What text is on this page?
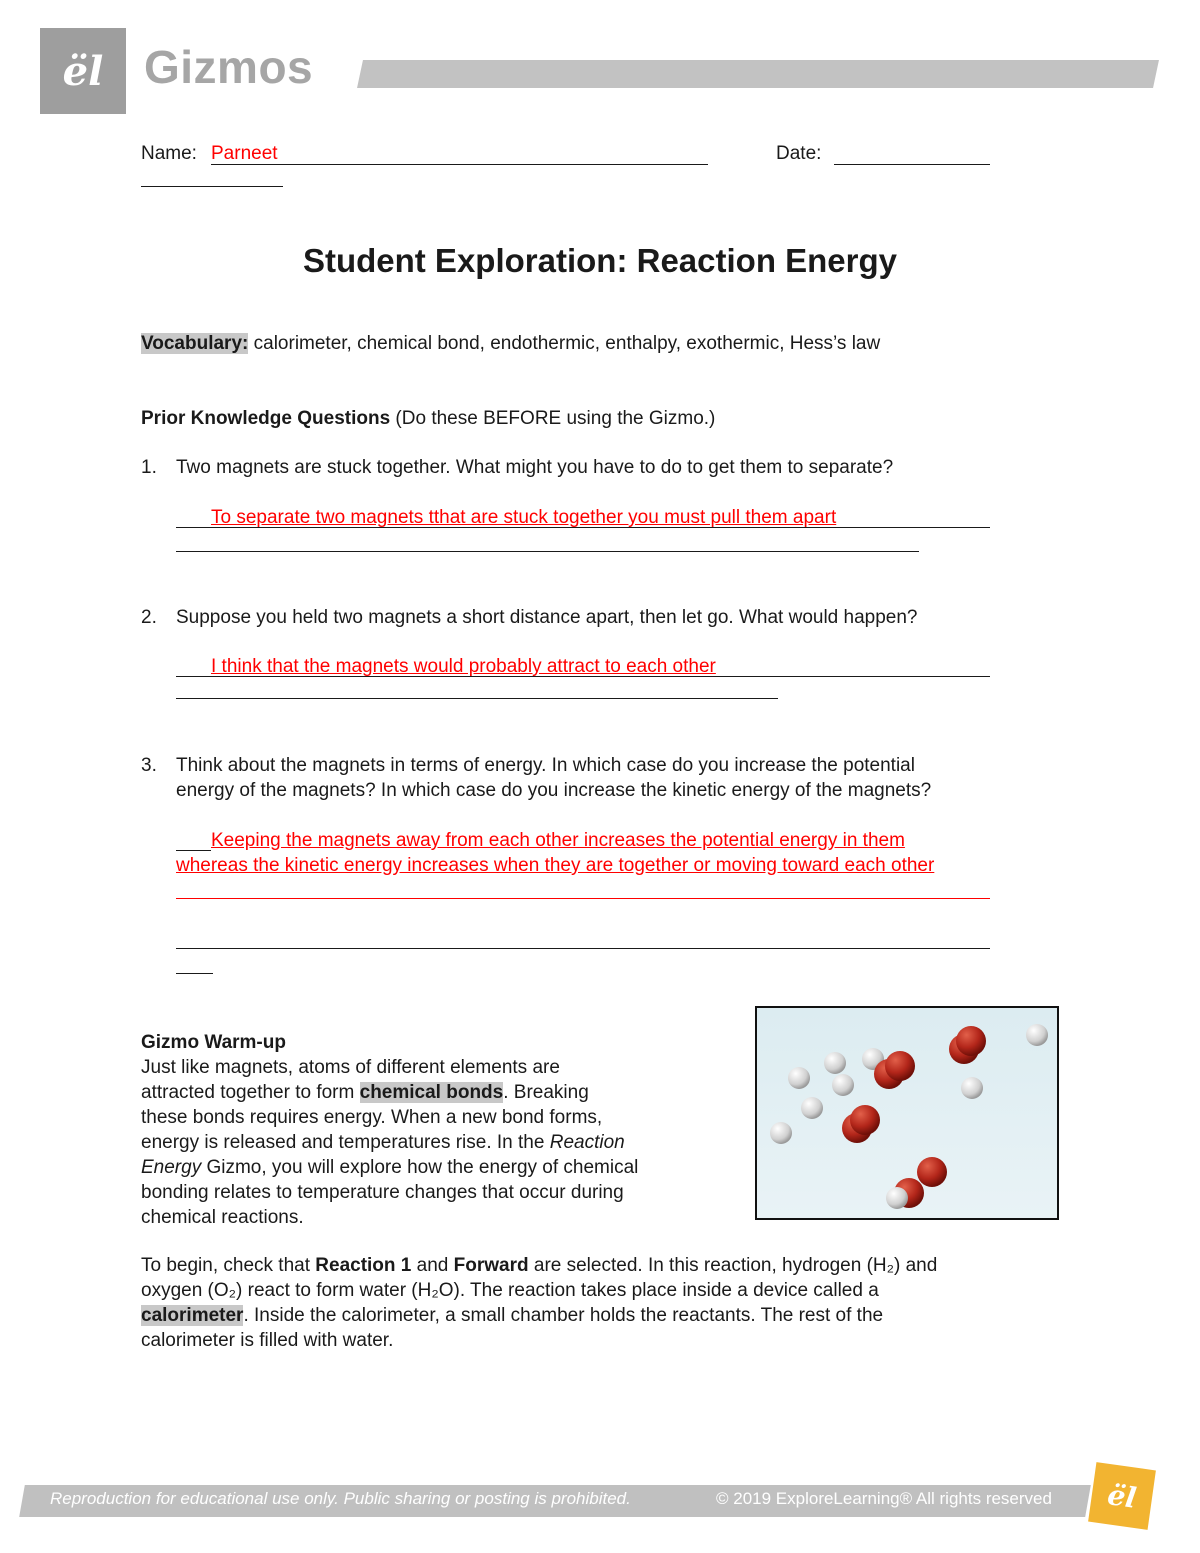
ël Gizmos
Name: Parneet	Date:
Student Exploration: Reaction Energy
Vocabulary: calorimeter, chemical bond, endothermic, enthalpy, exothermic, Hess’s law
Prior Knowledge Questions (Do these BEFORE using the Gizmo.)
1. Two magnets are stuck together. What might you have to do to get them to separate?
To separate two magnets tthat are stuck together you must pull them apart
2. Suppose you held two magnets a short distance apart, then let go. What would happen?
I think that the magnets would probably attract to each other
3. Think about the magnets in terms of energy. In which case do you increase the potential
energy of the magnets? In which case do you increase the kinetic energy of the magnets?
Keeping the magnets away from each other increases the potential energy in them
whereas the kinetic energy increases when they are together or moving toward each other
Gizmo Warm-up
Just like magnets, atoms of different elements are
attracted together to form chemical bonds. Breaking
these bonds requires energy. When a new bond forms,
energy is released and temperatures rise. In the Reaction
Energy Gizmo, you will explore how the energy of chemical
bonding relates to temperature changes that occur during
chemical reactions.
To begin, check that Reaction 1 and Forward are selected. In this reaction, hydrogen (H₂) and
oxygen (O₂) react to form water (H₂O). The reaction takes place inside a device called a
calorimeter. Inside the calorimeter, a small chamber holds the reactants. The rest of the
calorimeter is filled with water.
Reproduction for educational use only. Public sharing or posting is prohibited.	© 2019 ExploreLearning® All rights reserved ël
